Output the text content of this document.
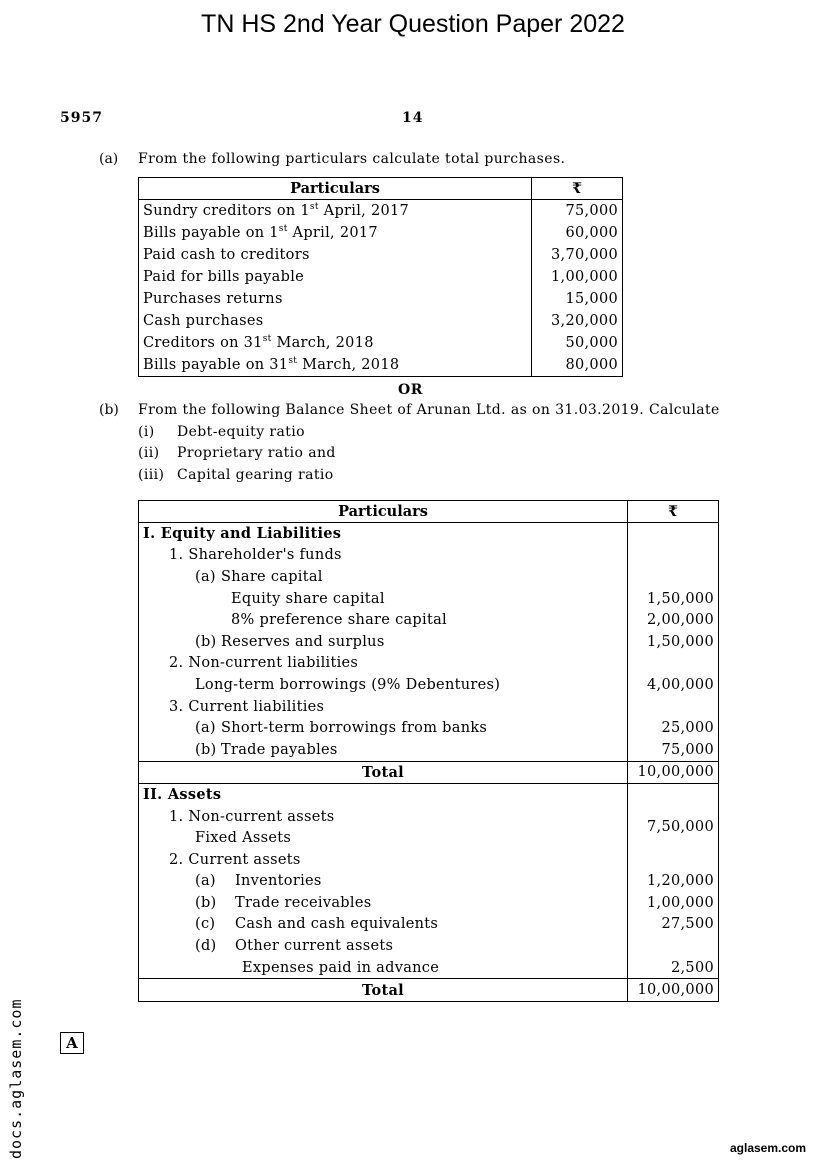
TN HS 2nd Year Question Paper 2022
5957	14
(a) From the following particulars calculate total purchases.
Particulars	₹
Sundry creditors on 1st April, 2017	75,000
Bills payable on 1st April, 2017	60,000
Paid cash to creditors	3,70,000
Paid for bills payable	1,00,000
Purchases returns	15,000
Cash purchases	3,20,000
Creditors on 31st March, 2018	50,000
Bills payable on 31st March, 2018	80,000
OR
(b) From the following Balance Sheet of Arunan Ltd. as on 31.03.2019. Calculate
(i) Debt-equity ratio
(ii) Proprietary ratio and
(iii) Capital gearing ratio
Particulars	₹
I. Equity and Liabilities	
1. Shareholder's funds	
(a) Share capital	
Equity share capital	1,50,000
8% preference share capital	2,00,000
(b) Reserves and surplus	1,50,000
2. Non-current liabilities	
Long-term borrowings (9% Debentures)	4,00,000
3. Current liabilities	
(a) Short-term borrowings from banks	25,000
(b) Trade payables	75,000
Total	10,00,000
II. Assets	
1. Non-current assets	7,50,000
Fixed Assets	
2. Current assets	
(a) Inventories	1,20,000
(b) Trade receivables	1,00,000
(c) Cash and cash equivalents	27,500
(d) Other current assets	
Expenses paid in advance	2,500
Total	10,00,000
A
docs.aglasem.com	aglasem.com
